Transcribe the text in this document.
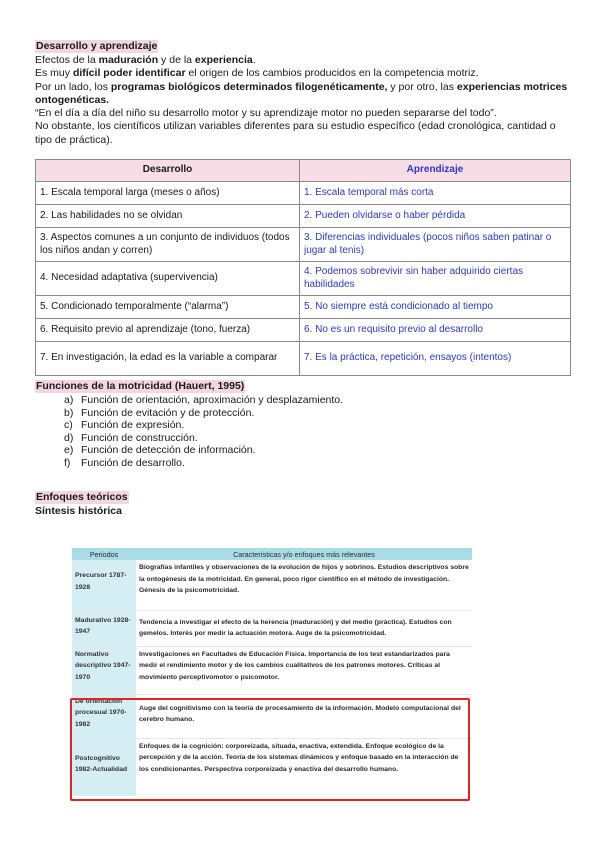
Desarrollo y aprendizaje

Efectos de la maduración y de la experiencia.

Es muy difícil poder identificar el origen de los cambios producidos en la competencia motriz.

Por un lado, los programas biológicos determinados filogenéticamente, y por otro, las experiencias motrices ontogenéticas.

“En el día a día del niño su desarrollo motor y su aprendizaje motor no pueden separarse del todo”.

No obstante, los científicos utilizan variables diferentes para su estudio específico (edad cronológica, cantidad o tipo de práctica).

Desarrollo	Aprendizaje
1. Escala temporal larga (meses o años)	1. Escala temporal más corta
2. Las habilidades no se olvidan	2. Pueden olvidarse o haber pérdida
3. Aspectos comunes a un conjunto de individuos (todos los niños andan y corren)	3. Diferencias individuales (pocos niños saben patinar o jugar al tenis)
4. Necesidad adaptativa (supervivencia)	4. Podemos sobrevivir sin haber adquirido ciertas habilidades
5. Condicionado temporalmente (“alarma”)	5. No siempre está condicionado al tiempo
6. Requisito previo al aprendizaje (tono, fuerza)	6. No es un requisito previo al desarrollo
7. En investigación, la edad es la variable a comparar	7. Es la práctica, repetición, ensayos (intentos)
Funciones de la motricidad (Hauert, 1995)
a) Función de orientación, aproximación y desplazamiento.
b) Función de evitación y de protección.
c) Función de expresión.
d) Función de construcción.
e) Función de detección de información.
f) Función de desarrollo.
Enfoques teóricos
Síntesis histórica
Periodos	Características y/o enfoques más relevantes
Precursor 1787-1928	Biografías infantiles y observaciones de la evolución de hijos y sobrinos. Estudios descriptivos sobre la ontogénesis de la motricidad. En general, poco rigor científico en el método de investigación. Génesis de la psicomotricidad.
Madurativo 1928-1947	Tendencia a investigar el efecto de la herencia (maduración) y del medio (práctica). Estudios con gemelos. Interés por medir la actuación motora. Auge de la psicomotricidad.
Normativo descriptivo 1947-1970	Investigaciones en Facultades de Educación Física. Importancia de los test estandarizados para medir el rendimiento motor y de los cambios cualitativos de los patrones motores. Críticas al movimiento perceptivomotor o psicomotor.
De orientación procesual 1970-1982	Auge del cognitivismo con la teoría de procesamiento de la información. Modelo computacional del cerebro humano.
Postcognitivo 1982-Actualidad	Enfoques de la cognición: corporeizada, situada, enactiva, extendida. Enfoque ecológico de la percepción y de la acción. Teoría de los sistemas dinámicos y enfoque basado en la interacción de los condicionantes. Perspectiva corporeizada y enactiva del desarrollo humano.
